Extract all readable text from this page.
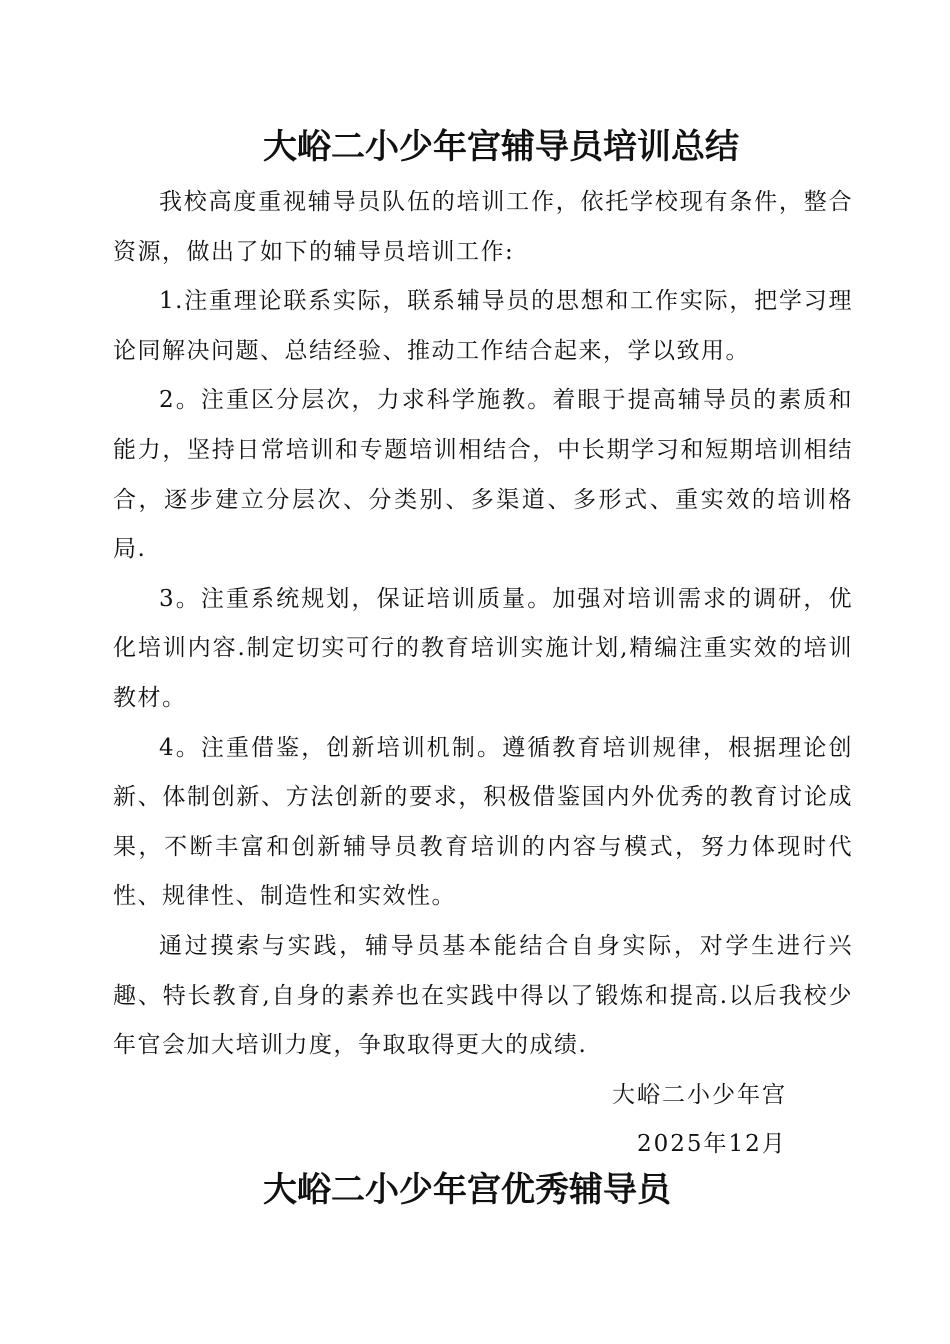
大峪二小少年宫辅导员培训总结

我校高度重视辅导员队伍的培训工作，依托学校现有条件，整合资源，做出了如下的辅导员培训工作:

1.注重理论联系实际，联系辅导员的思想和工作实际，把学习理论同解决问题、总结经验、推动工作结合起来，学以致用。

2。注重区分层次，力求科学施教。着眼于提高辅导员的素质和能力，坚持日常培训和专题培训相结合，中长期学习和短期培训相结合，逐步建立分层次、分类别、多渠道、多形式、重实效的培训格局.

3。注重系统规划，保证培训质量。加强对培训需求的调研，优化培训内容.制定切实可行的教育培训实施计划,精编注重实效的培训教材。

4。注重借鉴，创新培训机制。遵循教育培训规律，根据理论创新、体制创新、方法创新的要求，积极借鉴国内外优秀的教育讨论成果，不断丰富和创新辅导员教育培训的内容与模式，努力体现时代性、规律性、制造性和实效性。

通过摸索与实践，辅导员基本能结合自身实际，对学生进行兴趣、特长教育,自身的素养也在实践中得以了锻炼和提高.以后我校少年官会加大培训力度，争取取得更大的成绩.

大峪二小少年宫
2025年12月
大峪二小少年宫优秀辅导员
